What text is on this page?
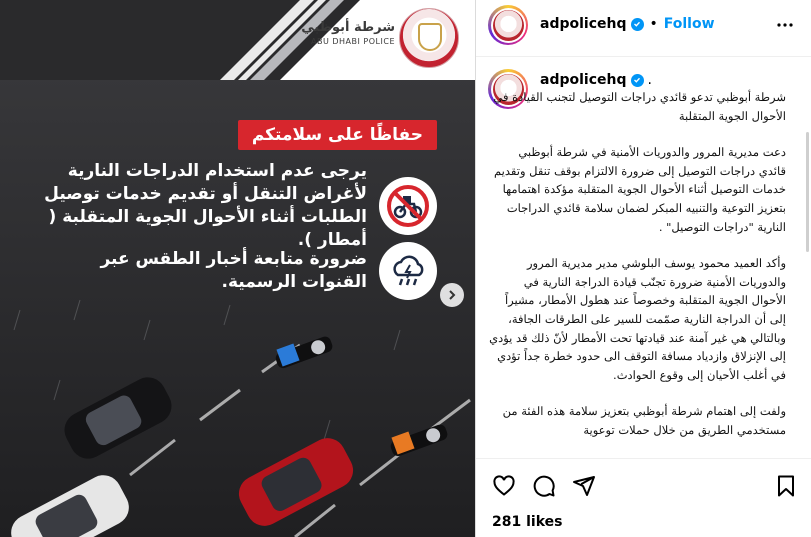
شرطة أبوظبي
ABU DHABI POLICE
حفاظًا على سلامتكم
يرجى عدم استخدام الدراجات النارية لأغراض التنقل أو تقديم خدمات توصيل الطلبات أثناء الأحوال الجوية المتقلبة ( أمطار ).
ضرورة متابعة أخبار الطقس عبر القنوات الرسمية.
adpolicehq • Follow
adpolicehq .

شرطة أبوظبي تدعو قائدي دراجات التوصيل لتجنب القيادة في الأحوال الجوية المتقلبة

دعت مديرية المرور والدوريات الأمنية في شرطة أبوظبي قائدي دراجات التوصيل إلى ضرورة الالتزام بوقف تنقل وتقديم خدمات التوصيل أثناء الأحوال الجوية المتقلبة مؤكدة اهتمامها بتعزيز التوعية والتنبيه المبكر لضمان سلامة قائدي الدراجات النارية "دراجات التوصيل" .

وأكد العميد محمود يوسف البلوشي مدير مديرية المرور والدوريات الأمنية ضرورة تجنّب قيادة الدراجة النارية في الأحوال الجوية المتقلبة وخصوصاً عند هطول الأمطار، مشيراً إلى أن الدراجة النارية صمّمت للسير على الطرقات الجافة، وبالتالي هي غير آمنة عند قيادتها تحت الأمطار لأنّ ذلك قد يؤدي إلى الإنزلاق وازدياد مسافة التوقف الى حدود خطرة جداً تؤدي في أغلب الأحيان إلى وقوع الحوادث.

ولفت إلى اهتمام شرطة أبوظبي بتعزيز سلامة هذه الفئة من مستخدمي الطريق من خلال حملات توعوية

281 likes
